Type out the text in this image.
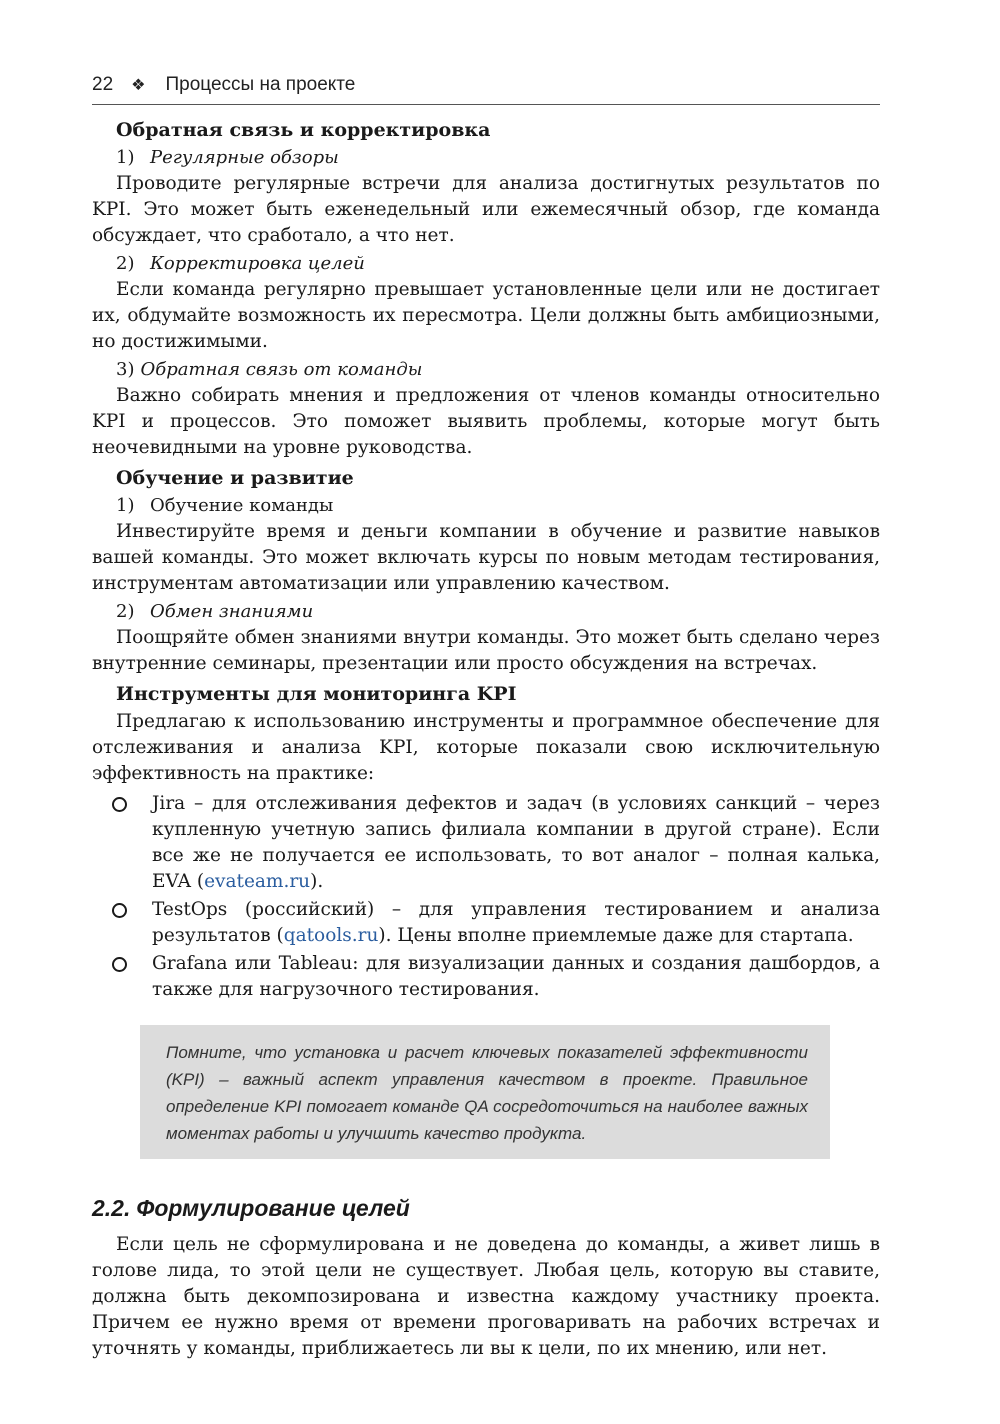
22 ❖ Процессы на проекте
Обратная связь и корректировка
1) Регулярные обзоры

Проводите регулярные встречи для анализа достигнутых результатов по KPI. Это может быть еженедельный или ежемесячный обзор, где команда обсуждает, что сработало, а что нет.

2) Корректировка целей

Если команда регулярно превышает установленные цели или не достигает их, обдумайте возможность их пересмотра. Цели должны быть амбициозными, но достижимыми.

3) Обратная связь от команды

Важно собирать мнения и предложения от членов команды относительно KPI и процессов. Это поможет выявить проблемы, которые могут быть неочевидными на уровне руководства.

Обучение и развитие
1) Обучение команды

Инвестируйте время и деньги компании в обучение и развитие навыков вашей команды. Это может включать курсы по новым методам тестирования, инструментам автоматизации или управлению качеством.

2) Обмен знаниями

Поощряйте обмен знаниями внутри команды. Это может быть сделано через внутренние семинары, презентации или просто обсуждения на встречах.

Инструменты для мониторинга KPI

Предлагаю к использованию инструменты и программное обеспечение для отслеживания и анализа KPI, которые показали свою исключительную эффективность на практике:

Jira – для отслеживания дефектов и задач (в условиях санкций – через купленную учетную запись филиала компании в другой стране). Если все же не получается ее использовать, то вот аналог – полная калька, EVA (evateam.ru).
TestOps (российский) – для управления тестированием и анализа результатов (qatools.ru). Цены вполне приемлемые даже для стартапа.
Grafana или Tableau: для визуализации данных и создания дашбордов, а также для нагрузочного тестирования.

Помните, что установка и расчет ключевых показателей эффективности (KPI) – важный аспект управления качеством в проекте. Правильное определение KPI помогает команде QA сосредоточиться на наиболее важных моментах работы и улучшить качество продукта.

2.2. Формулирование целей

Если цель не сформулирована и не доведена до команды, а живет лишь в голове лида, то этой цели не существует. Любая цель, которую вы ставите, должна быть декомпозирована и известна каждому участнику проекта. Причем ее нужно время от времени проговаривать на рабочих встречах и уточнять у команды, приближаетесь ли вы к цели, по их мнению, или нет.
